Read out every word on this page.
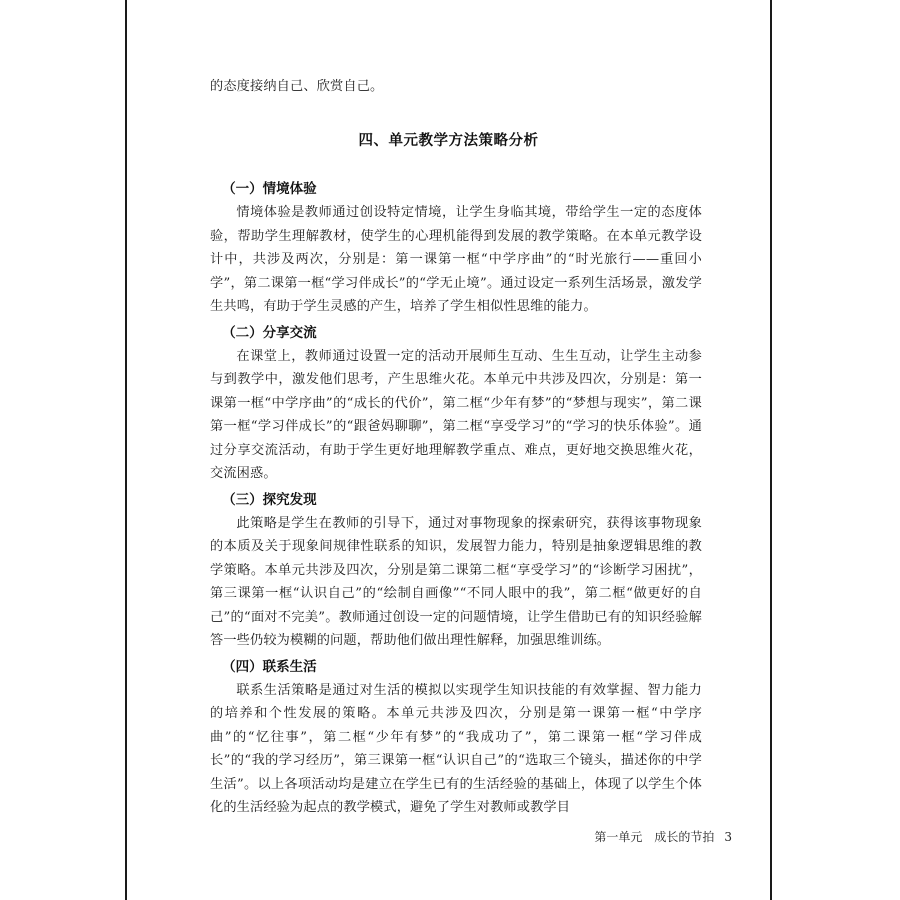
的态度接纳自己、欣赏自己。

四、单元教学方法策略分析

（一）情境体验

情境体验是教师通过创设特定情境，让学生身临其境，带给学生一定的态度体验，帮助学生理解教材，使学生的心理机能得到发展的教学策略。在本单元教学设计中，共涉及两次，分别是：第一课第一框“中学序曲”的“时光旅行——重回小学”，第二课第一框“学习伴成长”的“学无止境”。通过设定一系列生活场景，激发学生共鸣，有助于学生灵感的产生，培养了学生相似性思维的能力。

（二）分享交流

在课堂上，教师通过设置一定的活动开展师生互动、生生互动，让学生主动参与到教学中，激发他们思考，产生思维火花。本单元中共涉及四次，分别是：第一课第一框“中学序曲”的“成长的代价”，第二框“少年有梦”的“梦想与现实”，第二课第一框“学习伴成长”的“跟爸妈聊聊”，第二框“享受学习”的“学习的快乐体验”。通过分享交流活动，有助于学生更好地理解教学重点、难点，更好地交换思维火花，交流困惑。

（三）探究发现

此策略是学生在教师的引导下，通过对事物现象的探索研究，获得该事物现象的本质及关于现象间规律性联系的知识，发展智力能力，特别是抽象逻辑思维的教学策略。本单元共涉及四次，分别是第二课第二框“享受学习”的“诊断学习困扰”，第三课第一框“认识自己”的“绘制自画像”“不同人眼中的我”，第二框“做更好的自己”的“面对不完美”。教师通过创设一定的问题情境，让学生借助已有的知识经验解答一些仍较为模糊的问题，帮助他们做出理性解释，加强思维训练。

（四）联系生活

联系生活策略是通过对生活的模拟以实现学生知识技能的有效掌握、智力能力的培养和个性发展的策略。本单元共涉及四次，分别是第一课第一框“中学序曲”的“忆往事”，第二框“少年有梦”的“我成功了”，第二课第一框“学习伴成长”的“我的学习经历”，第三课第一框“认识自己”的“选取三个镜头，描述你的中学生活”。以上各项活动均是建立在学生已有的生活经验的基础上，体现了以学生个体化的生活经验为起点的教学模式，避免了学生对教师或教学目

第一单元　成长的节拍 3
